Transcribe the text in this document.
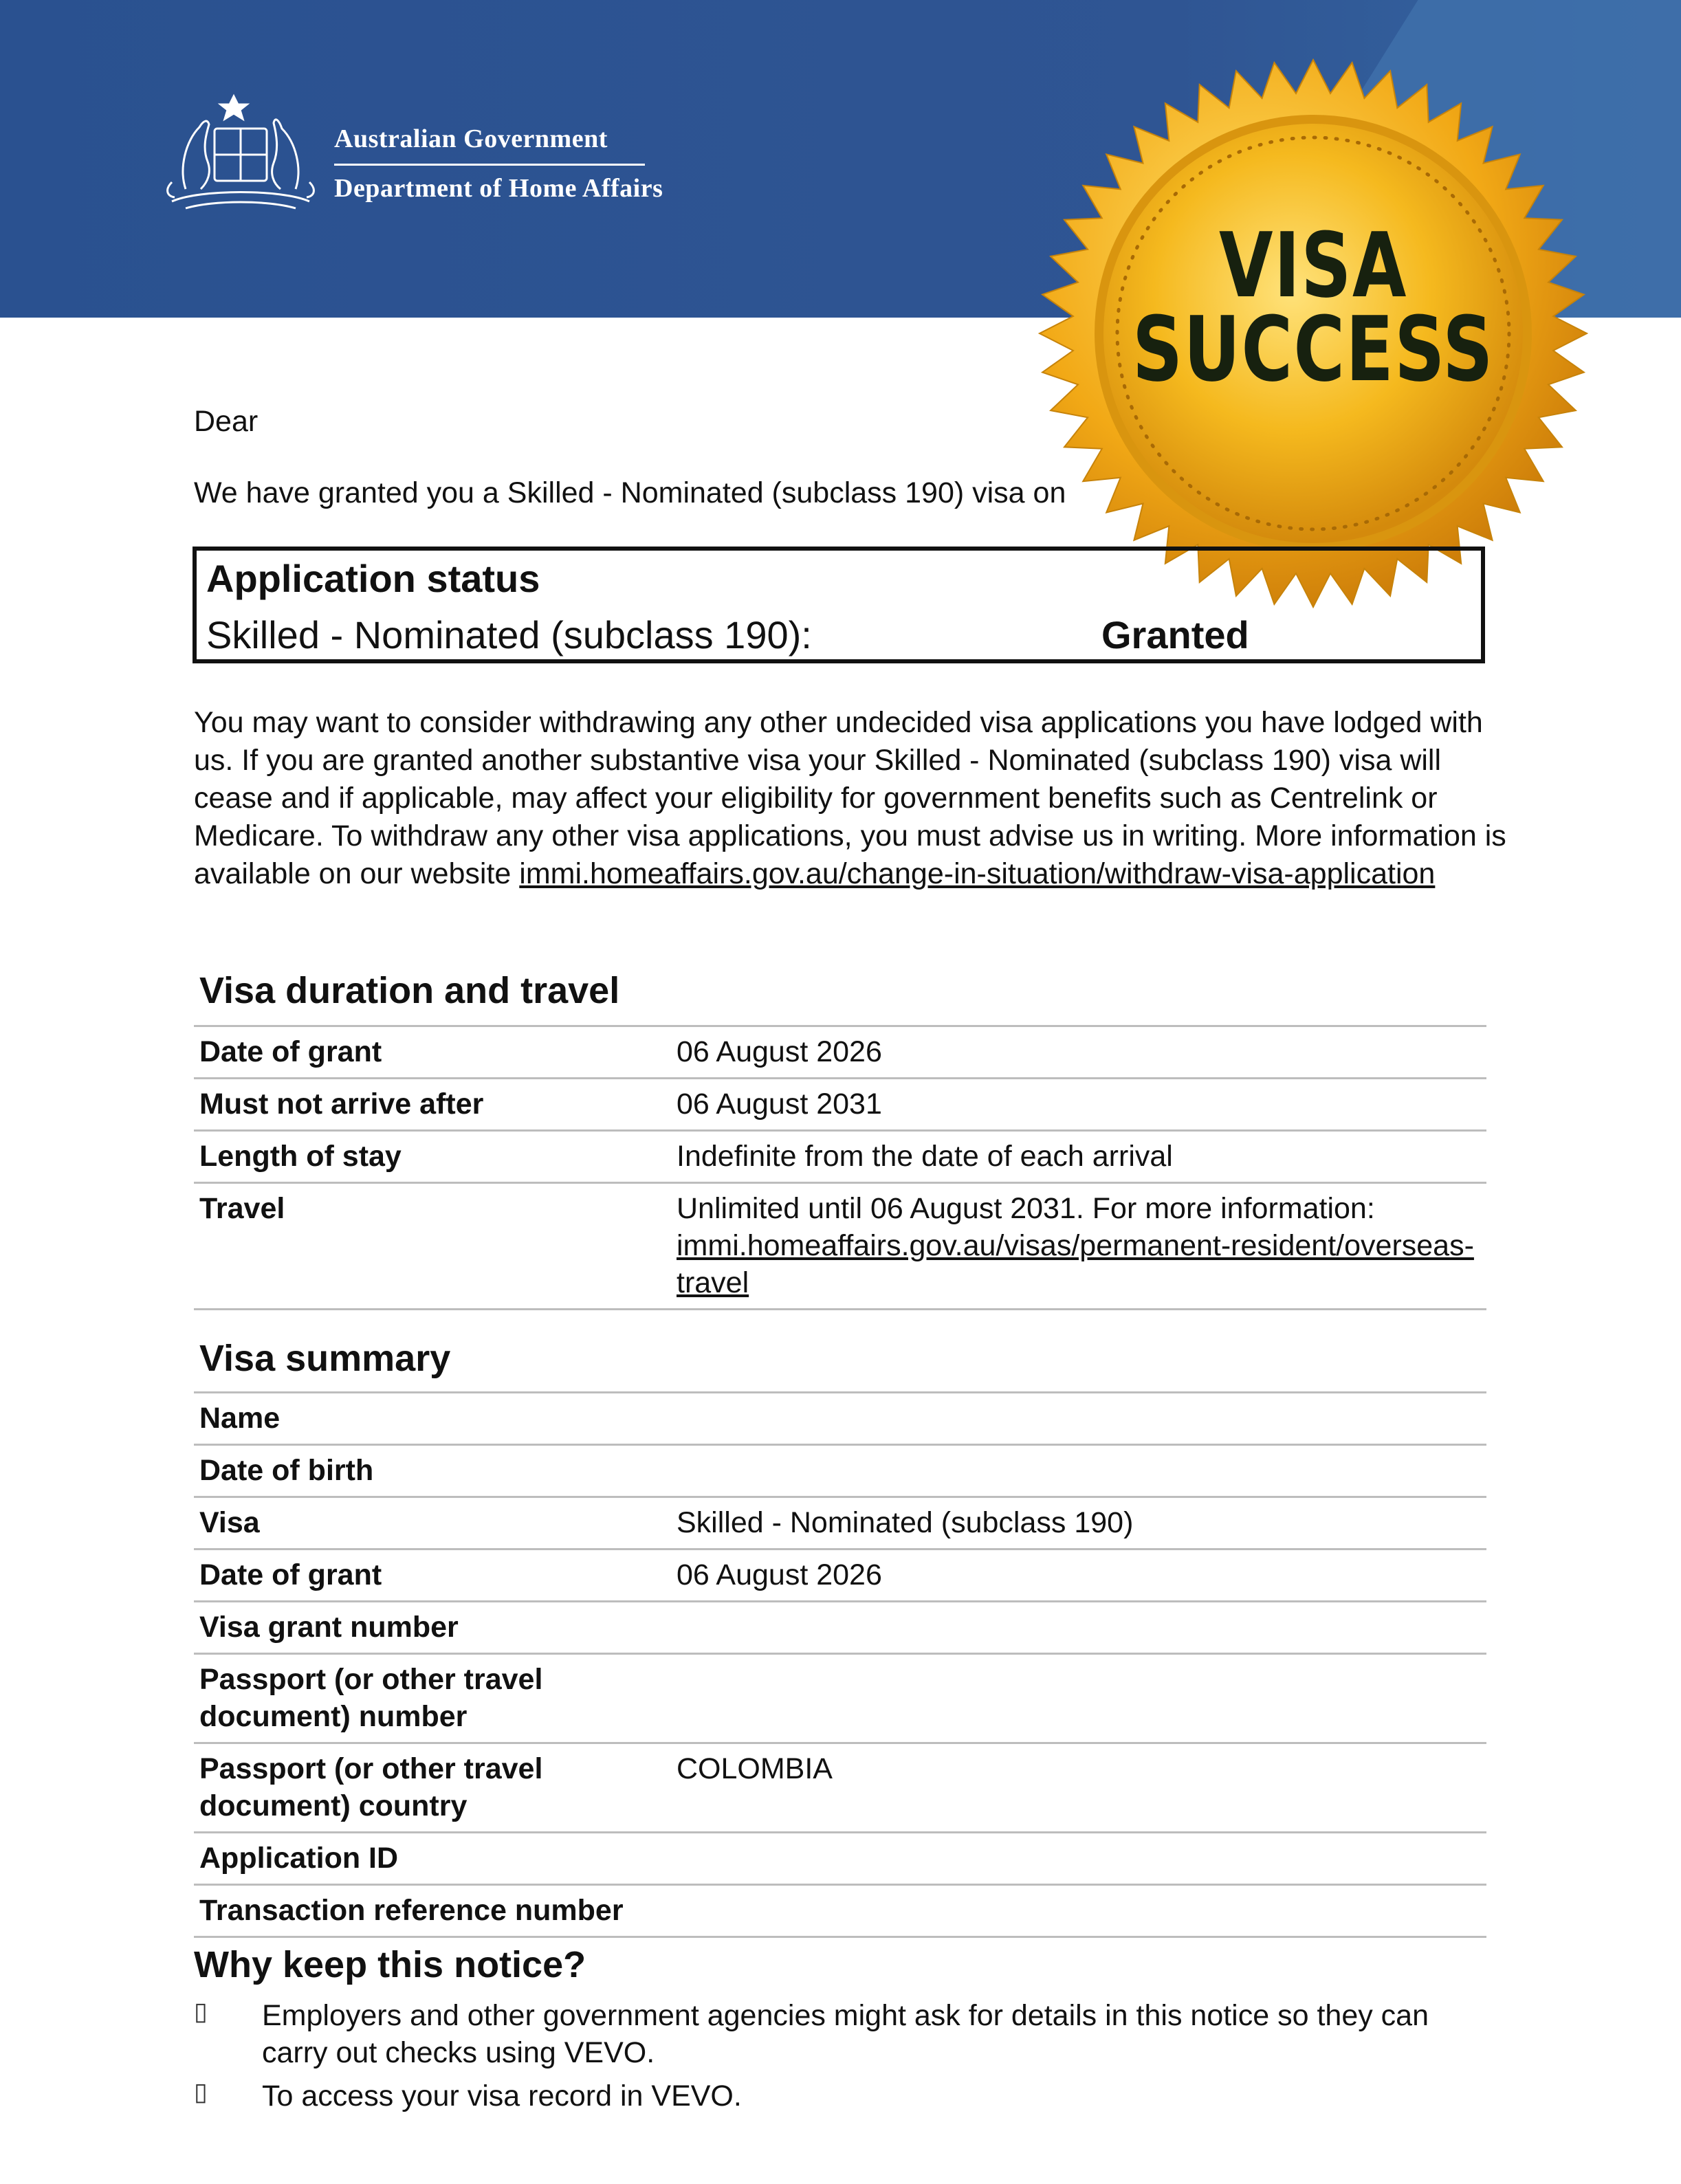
Australian Government
Department of Home Affairs
VISA
SUCCESS
Dear
We have granted you a Skilled - Nominated (subclass 190) visa on
Application status
Skilled - Nominated (subclass 190):	Granted
You may want to consider withdrawing any other undecided visa applications you have lodged with us. If you are granted another substantive visa your Skilled - Nominated (subclass 190) visa will cease and if applicable, may affect your eligibility for government benefits such as Centrelink or Medicare. To withdraw any other visa applications, you must advise us in writing. More information is available on our website immi.homeaffairs.gov.au/change-in-situation/withdraw-visa-application
Visa duration and travel
Date of grant	06 August 2026
Must not arrive after	06 August 2031
Length of stay	Indefinite from the date of each arrival
Travel	Unlimited until 06 August 2031. For more information: immi.homeaffairs.gov.au/visas/permanent-resident/overseas-travel
Visa summary
Name	
Date of birth	
Visa	Skilled - Nominated (subclass 190)
Date of grant	06 August 2026
Visa grant number	
Passport (or other travel document) number	
Passport (or other travel document) country	COLOMBIA
Application ID	
Transaction reference number	
Why keep this notice?
▯ Employers and other government agencies might ask for details in this notice so they can carry out checks using VEVO.
▯ To access your visa record in VEVO.
